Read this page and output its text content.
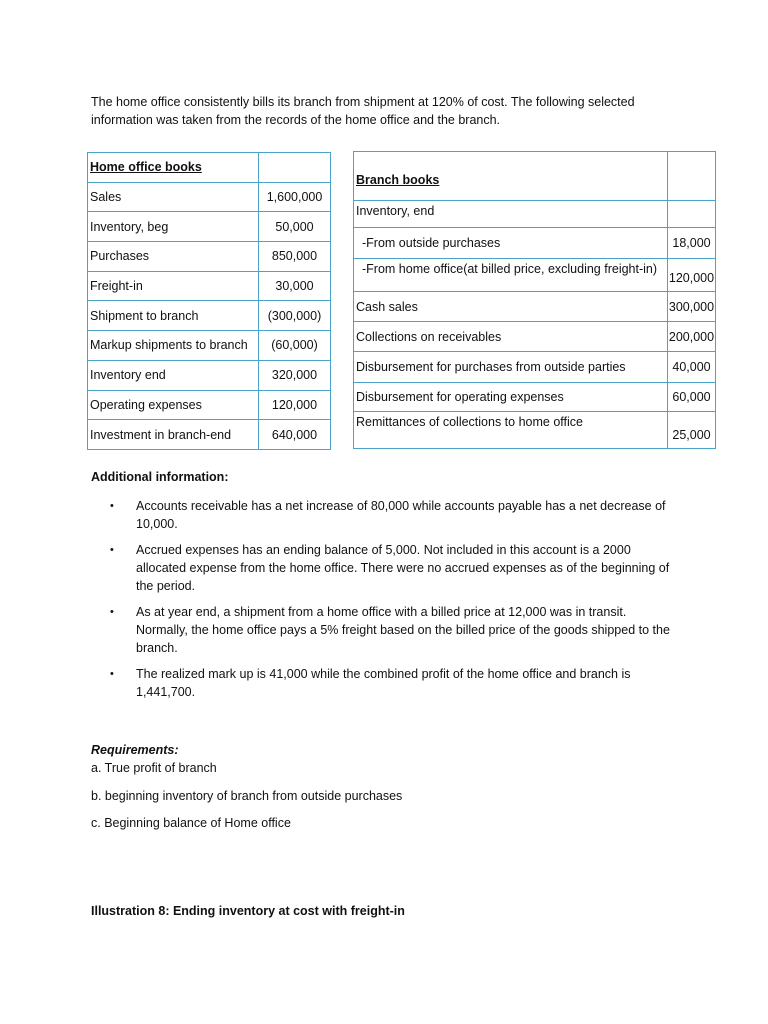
The home office consistently bills its branch from shipment at 120% of cost. The following selected information was taken from the records of the home office and the branch.

Home office books	
Sales	1,600,000
Inventory, beg	50,000
Purchases	850,000
Freight-in	30,000
Shipment to branch	(300,000)
Markup shipments to branch	(60,000)
Inventory end	320,000
Operating expenses	120,000
Investment in branch-end	640,000
Branch books	

Inventory, end	
-From outside purchases	18,000
-From home office(at billed price, excluding freight-in)	120,000
Cash sales	300,000
Collections on receivables	200,000
Disbursement for purchases from outside parties	40,000
Disbursement for operating expenses	60,000
Remittances of collections to home office	25,000
Additional information:
• Accounts receivable has a net increase of 80,000 while accounts payable has a net decrease of 10,000.
• Accrued expenses has an ending balance of 5,000. Not included in this account is a 2000 allocated expense from the home office. There were no accrued expenses as of the beginning of the period.
• As at year end, a shipment from a home office with a billed price at 12,000 was in transit. Normally, the home office pays a 5% freight based on the billed price of the goods shipped to the branch.
• The realized mark up is 41,000 while the combined profit of the home office and branch is 1,441,700.
Requirements:
a. True profit of branch
b. beginning inventory of branch from outside purchases
c. Beginning balance of Home office
Illustration 8: Ending inventory at cost with freight-in
